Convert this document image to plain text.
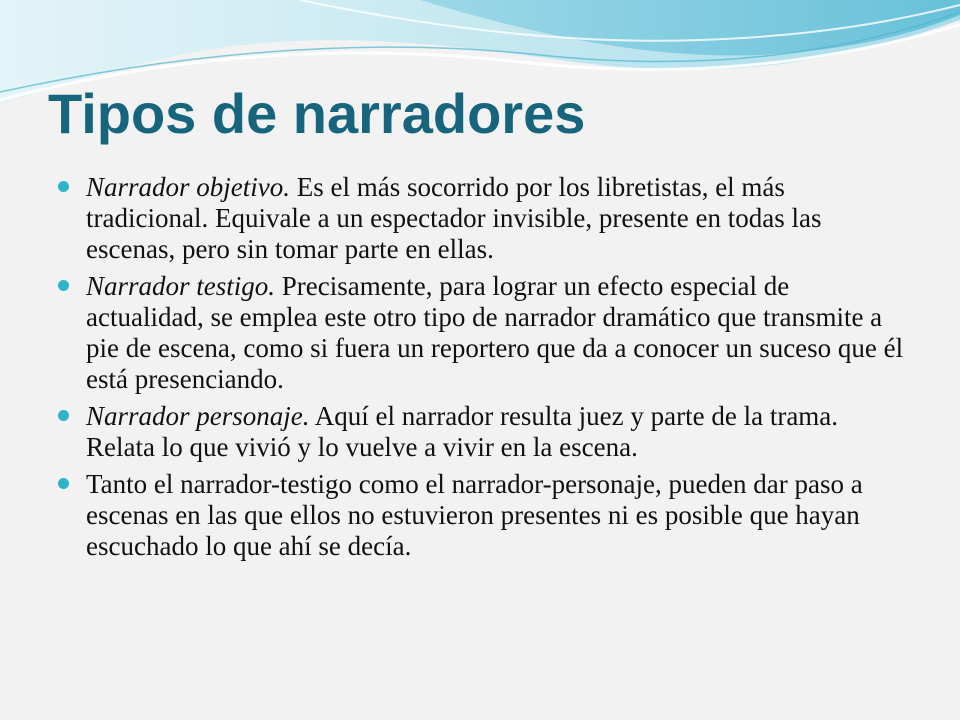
Tipos de narradores
Narrador objetivo. Es el más socorrido por los libretistas, el más tradicional. Equivale a un espectador invisible, presente en todas las escenas, pero sin tomar parte en ellas.
Narrador testigo. Precisamente, para lograr un efecto especial de actualidad, se emplea este otro tipo de narrador dramático que transmite a pie de escena, como si fuera un reportero que da a conocer un suceso que él está presenciando.
Narrador personaje. Aquí el narrador resulta juez y parte de la trama. Relata lo que vivió y lo vuelve a vivir en la escena.
Tanto el narrador-testigo como el narrador-personaje, pueden dar paso a escenas en las que ellos no estuvieron presentes ni es posible que hayan escuchado lo que ahí se decía.
